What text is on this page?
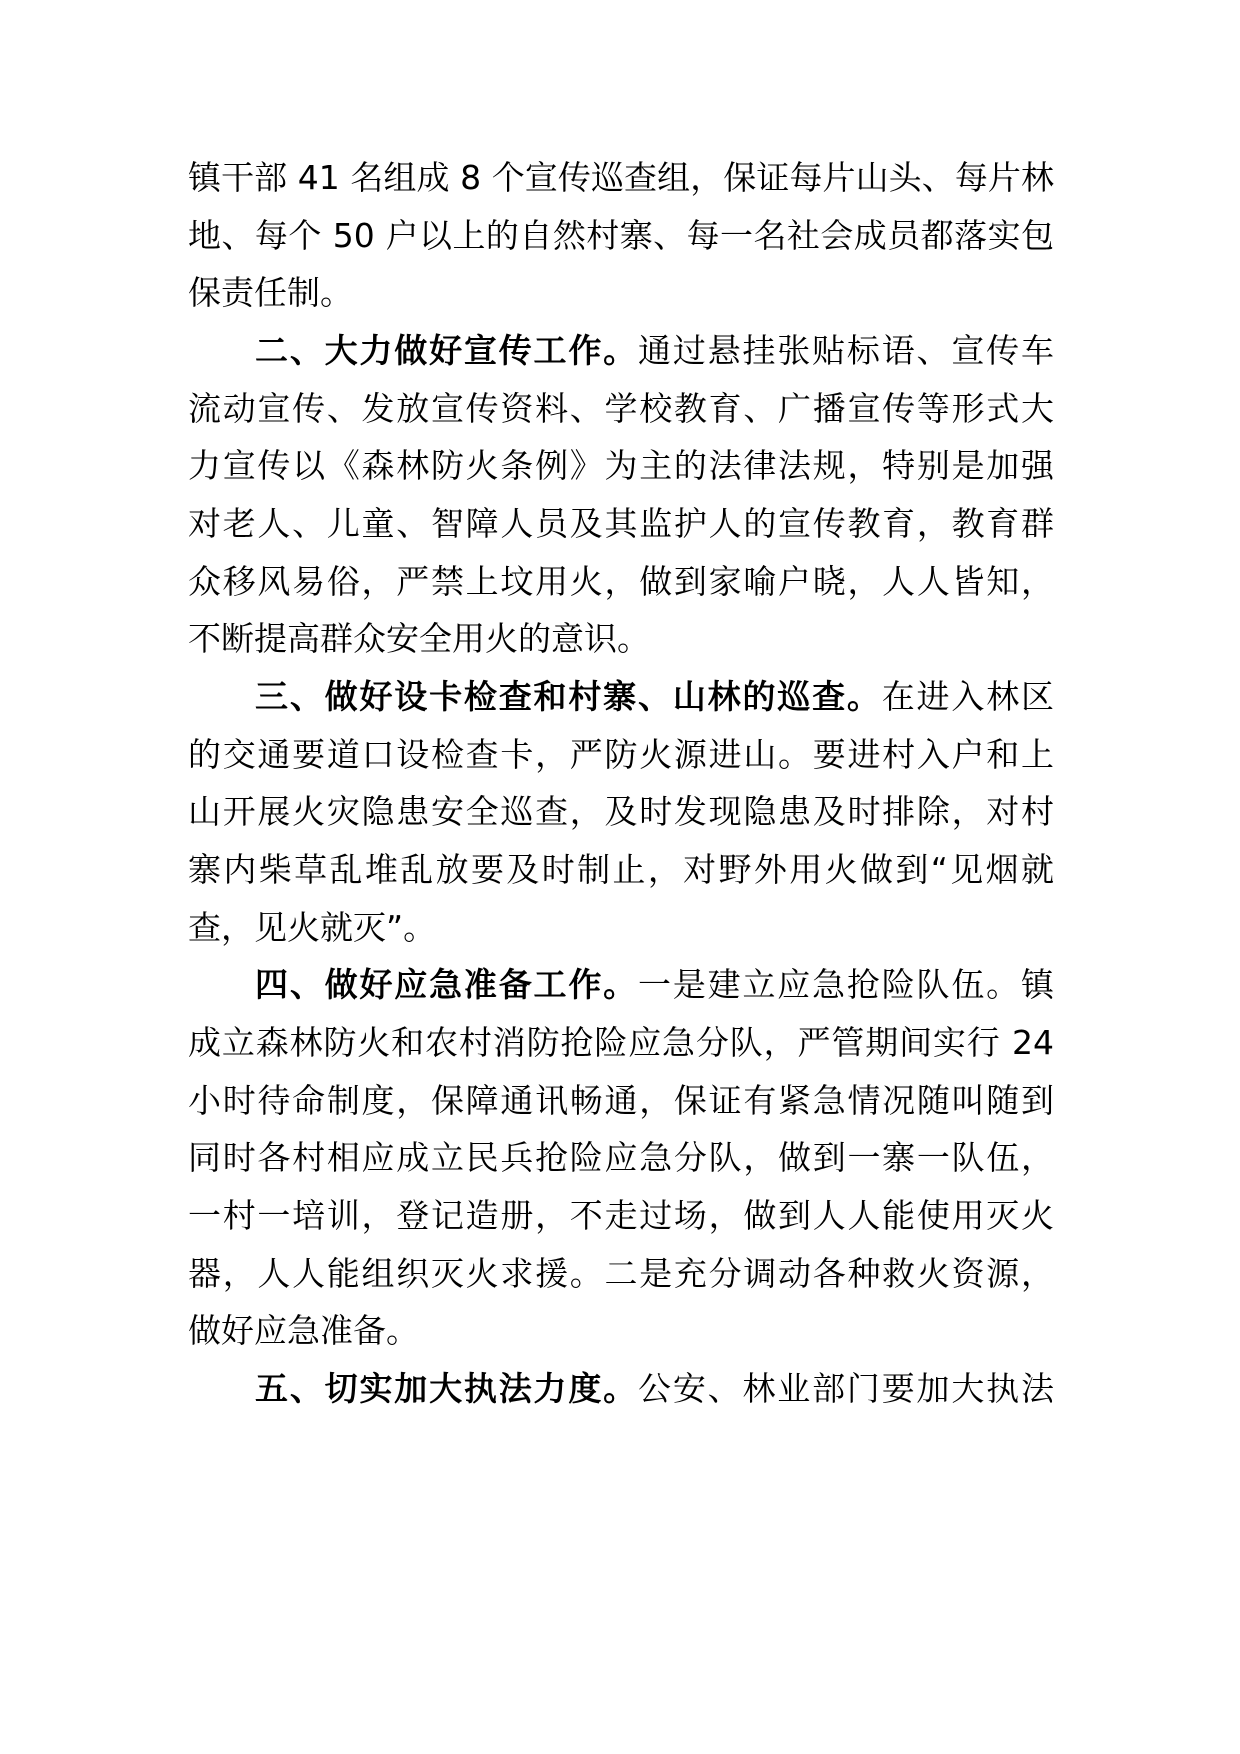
镇干部 41 名组成 8 个宣传巡查组，保证每片山头、每片林
地、每个 50 户以上的自然村寨、每一名社会成员都落实包
保责任制。
二、大力做好宣传工作。通过悬挂张贴标语、宣传车
流动宣传、发放宣传资料、学校教育、广播宣传等形式大
力宣传以《森林防火条例》为主的法律法规，特别是加强
对老人、儿童、智障人员及其监护人的宣传教育，教育群
众移风易俗，严禁上坟用火，做到家喻户晓，人人皆知，
不断提高群众安全用火的意识。
三、做好设卡检查和村寨、山林的巡查。在进入林区
的交通要道口设检查卡，严防火源进山。要进村入户和上
山开展火灾隐患安全巡查，及时发现隐患及时排除，对村
寨内柴草乱堆乱放要及时制止，对野外用火做到“见烟就
查，见火就灭”。
四、做好应急准备工作。一是建立应急抢险队伍。镇
成立森林防火和农村消防抢险应急分队，严管期间实行 24
小时待命制度，保障通讯畅通，保证有紧急情况随叫随到
同时各村相应成立民兵抢险应急分队，做到一寨一队伍，
一村一培训，登记造册，不走过场，做到人人能使用灭火
器，人人能组织灭火求援。二是充分调动各种救火资源，
做好应急准备。
五、切实加大执法力度。公安、林业部门要加大执法
